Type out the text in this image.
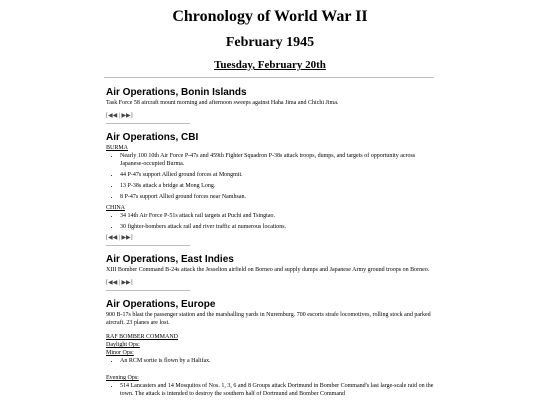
Chronology of World War II
February 1945
Tuesday, February 20th

Air Operations, Bonin Islands

Task Force 58 aircraft mount morning and afternoon sweeps against Haha Jima and Chichi Jima.

[◀◀ | ▶▶]

Air Operations, CBI

BURMA

• Nearly 100 10th Air Force P-47s and 459th Fighter Squadron P-38s attack troops, dumps, and targets of opportunity across Japanese-occupied Burma.
• 44 P-47s support Allied ground forces at Mongmit.
• 13 P-38s attack a bridge at Mong Long.
• 8 P-47s support Allied ground forces near Namhsan.

CHINA

• 34 14th Air Force P-51s attack rail targets at Puchi and Tsingtao.
• 30 fighter-bombers attack rail and river traffic at numerous locations.
[◀◀ | ▶▶]

Air Operations, East Indies

XIII Bomber Command B-24s attack the Jesselton airfield on Borneo and supply dumps and Japanese Army ground troops on Borneo.

[◀◀ | ▶▶]

Air Operations, Europe

900 B-17s blast the passenger station and the marshalling yards in Nuremburg. 700 escorts strafe locomotives, rolling stock and parked aircraft. 23 planes are lost.

RAF BOMBER COMMAND

Daylight Ops:

Minor Ops:

• An RCM sortie is flown by a Halifax.

Evening Ops:

• 514 Lancasters and 14 Mosquitos of Nos. 1, 3, 6 and 8 Groups attack Dortmund in Bomber Command's last large-scale raid on the town. The attack is intended to destroy the southern half of Dortmund and Bomber Command
